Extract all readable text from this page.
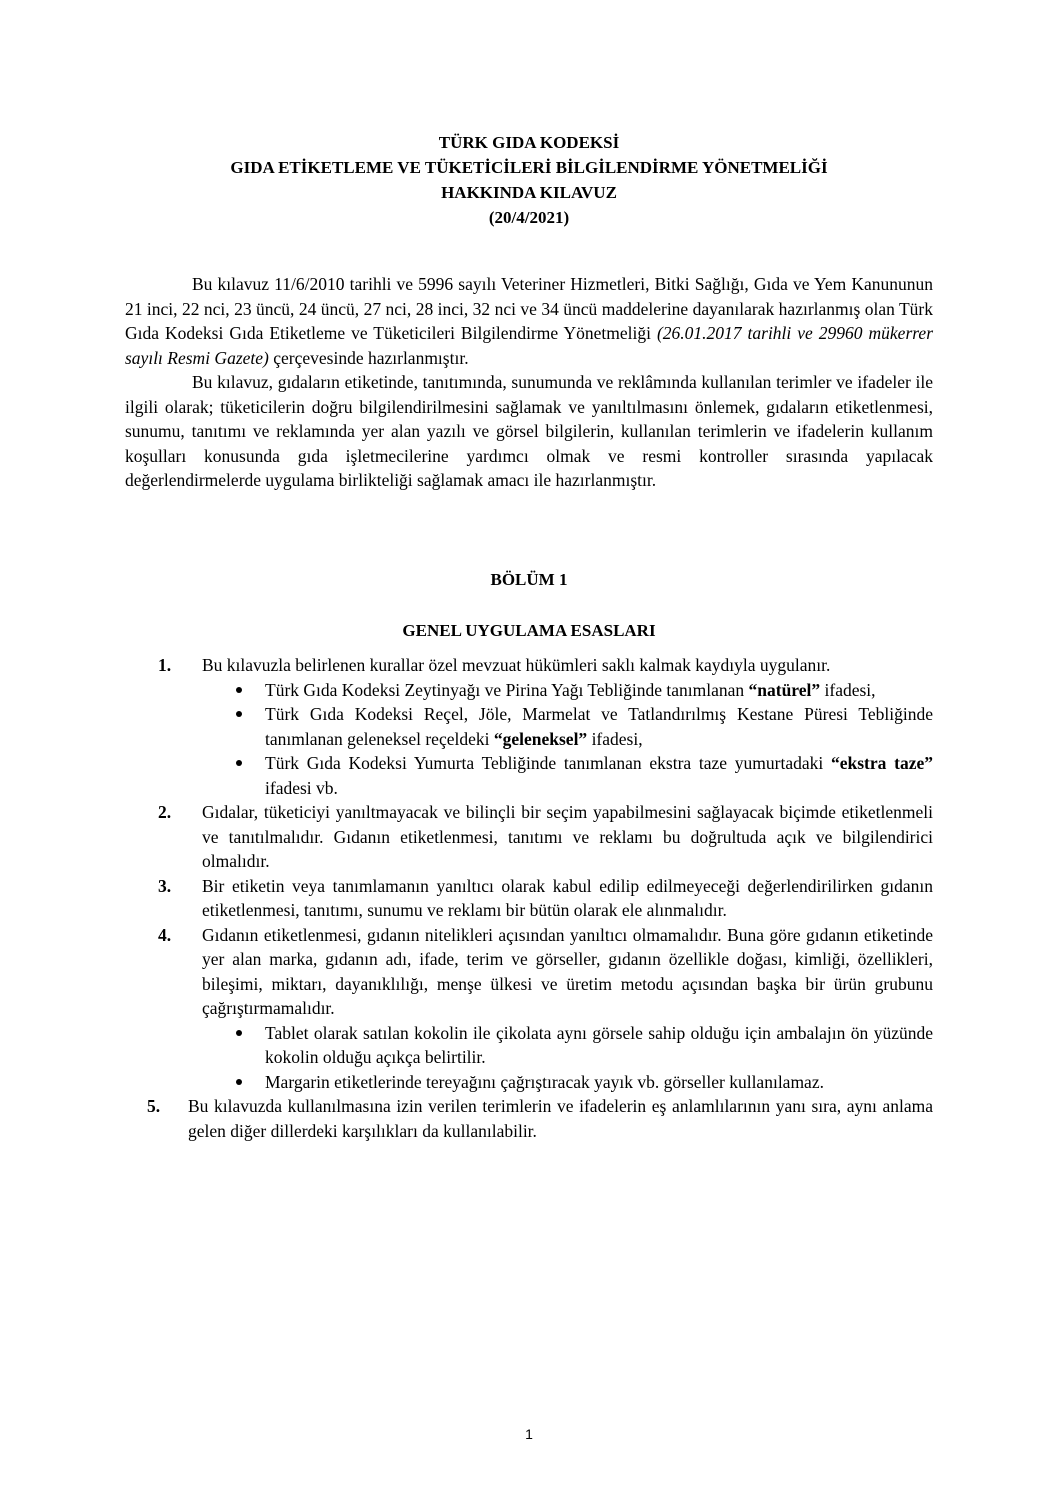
TÜRK GIDA KODEKSİ
GIDA ETİKETLEME VE TÜKETİCİLERİ BİLGİLENDİRME YÖNETMELİĞİ
HAKKINDA KILAVUZ
(20/4/2021)

Bu kılavuz 11/6/2010 tarihli ve 5996 sayılı Veteriner Hizmetleri, Bitki Sağlığı, Gıda ve Yem Kanununun 21 inci, 22 nci, 23 üncü, 24 üncü, 27 nci, 28 inci, 32 nci ve 34 üncü maddelerine dayanılarak hazırlanmış olan Türk Gıda Kodeksi Gıda Etiketleme ve Tüketicileri Bilgilendirme Yönetmeliği (26.01.2017 tarihli ve 29960 mükerrer sayılı Resmi Gazete) çerçevesinde hazırlanmıştır.

Bu kılavuz, gıdaların etiketinde, tanıtımında, sunumunda ve reklâmında kullanılan terimler ve ifadeler ile ilgili olarak; tüketicilerin doğru bilgilendirilmesini sağlamak ve yanıltılmasını önlemek, gıdaların etiketlenmesi, sunumu, tanıtımı ve reklamında yer alan yazılı ve görsel bilgilerin, kullanılan terimlerin ve ifadelerin kullanım koşulları konusunda gıda işletmecilerine yardımcı olmak ve resmi kontroller sırasında yapılacak değerlendirmelerde uygulama birlikteliği sağlamak amacı ile hazırlanmıştır.

BÖLÜM 1
GENEL UYGULAMA ESASLARI
1. Bu kılavuzla belirlenen kurallar özel mevzuat hükümleri saklı kalmak kaydıyla uygulanır.
Türk Gıda Kodeksi Zeytinyağı ve Pirina Yağı Tebliğinde tanımlanan “natürel” ifadesi,
Türk Gıda Kodeksi Reçel, Jöle, Marmelat ve Tatlandırılmış Kestane Püresi Tebliğinde tanımlanan geleneksel reçeldeki “geleneksel” ifadesi,
Türk Gıda Kodeksi Yumurta Tebliğinde tanımlanan ekstra taze yumurtadaki “ekstra taze” ifadesi vb.
2. Gıdalar, tüketiciyi yanıltmayacak ve bilinçli bir seçim yapabilmesini sağlayacak biçimde etiketlenmeli ve tanıtılmalıdır. Gıdanın etiketlenmesi, tanıtımı ve reklamı bu doğrultuda açık ve bilgilendirici olmalıdır.
3. Bir etiketin veya tanımlamanın yanıltıcı olarak kabul edilip edilmeyeceği değerlendirilirken gıdanın etiketlenmesi, tanıtımı, sunumu ve reklamı bir bütün olarak ele alınmalıdır.
4. Gıdanın etiketlenmesi, gıdanın nitelikleri açısından yanıltıcı olmamalıdır. Buna göre gıdanın etiketinde yer alan marka, gıdanın adı, ifade, terim ve görseller, gıdanın özellikle doğası, kimliği, özellikleri, bileşimi, miktarı, dayanıklılığı, menşe ülkesi ve üretim metodu açısından başka bir ürün grubunu çağrıştırmamalıdır.
Tablet olarak satılan kokolin ile çikolata aynı görsele sahip olduğu için ambalajın ön yüzünde kokolin olduğu açıkça belirtilir.
Margarin etiketlerinde tereyağını çağrıştıracak yayık vb. görseller kullanılamaz.
5. Bu kılavuzda kullanılmasına izin verilen terimlerin ve ifadelerin eş anlamlılarının yanı sıra, aynı anlama gelen diğer dillerdeki karşılıkları da kullanılabilir.
1
